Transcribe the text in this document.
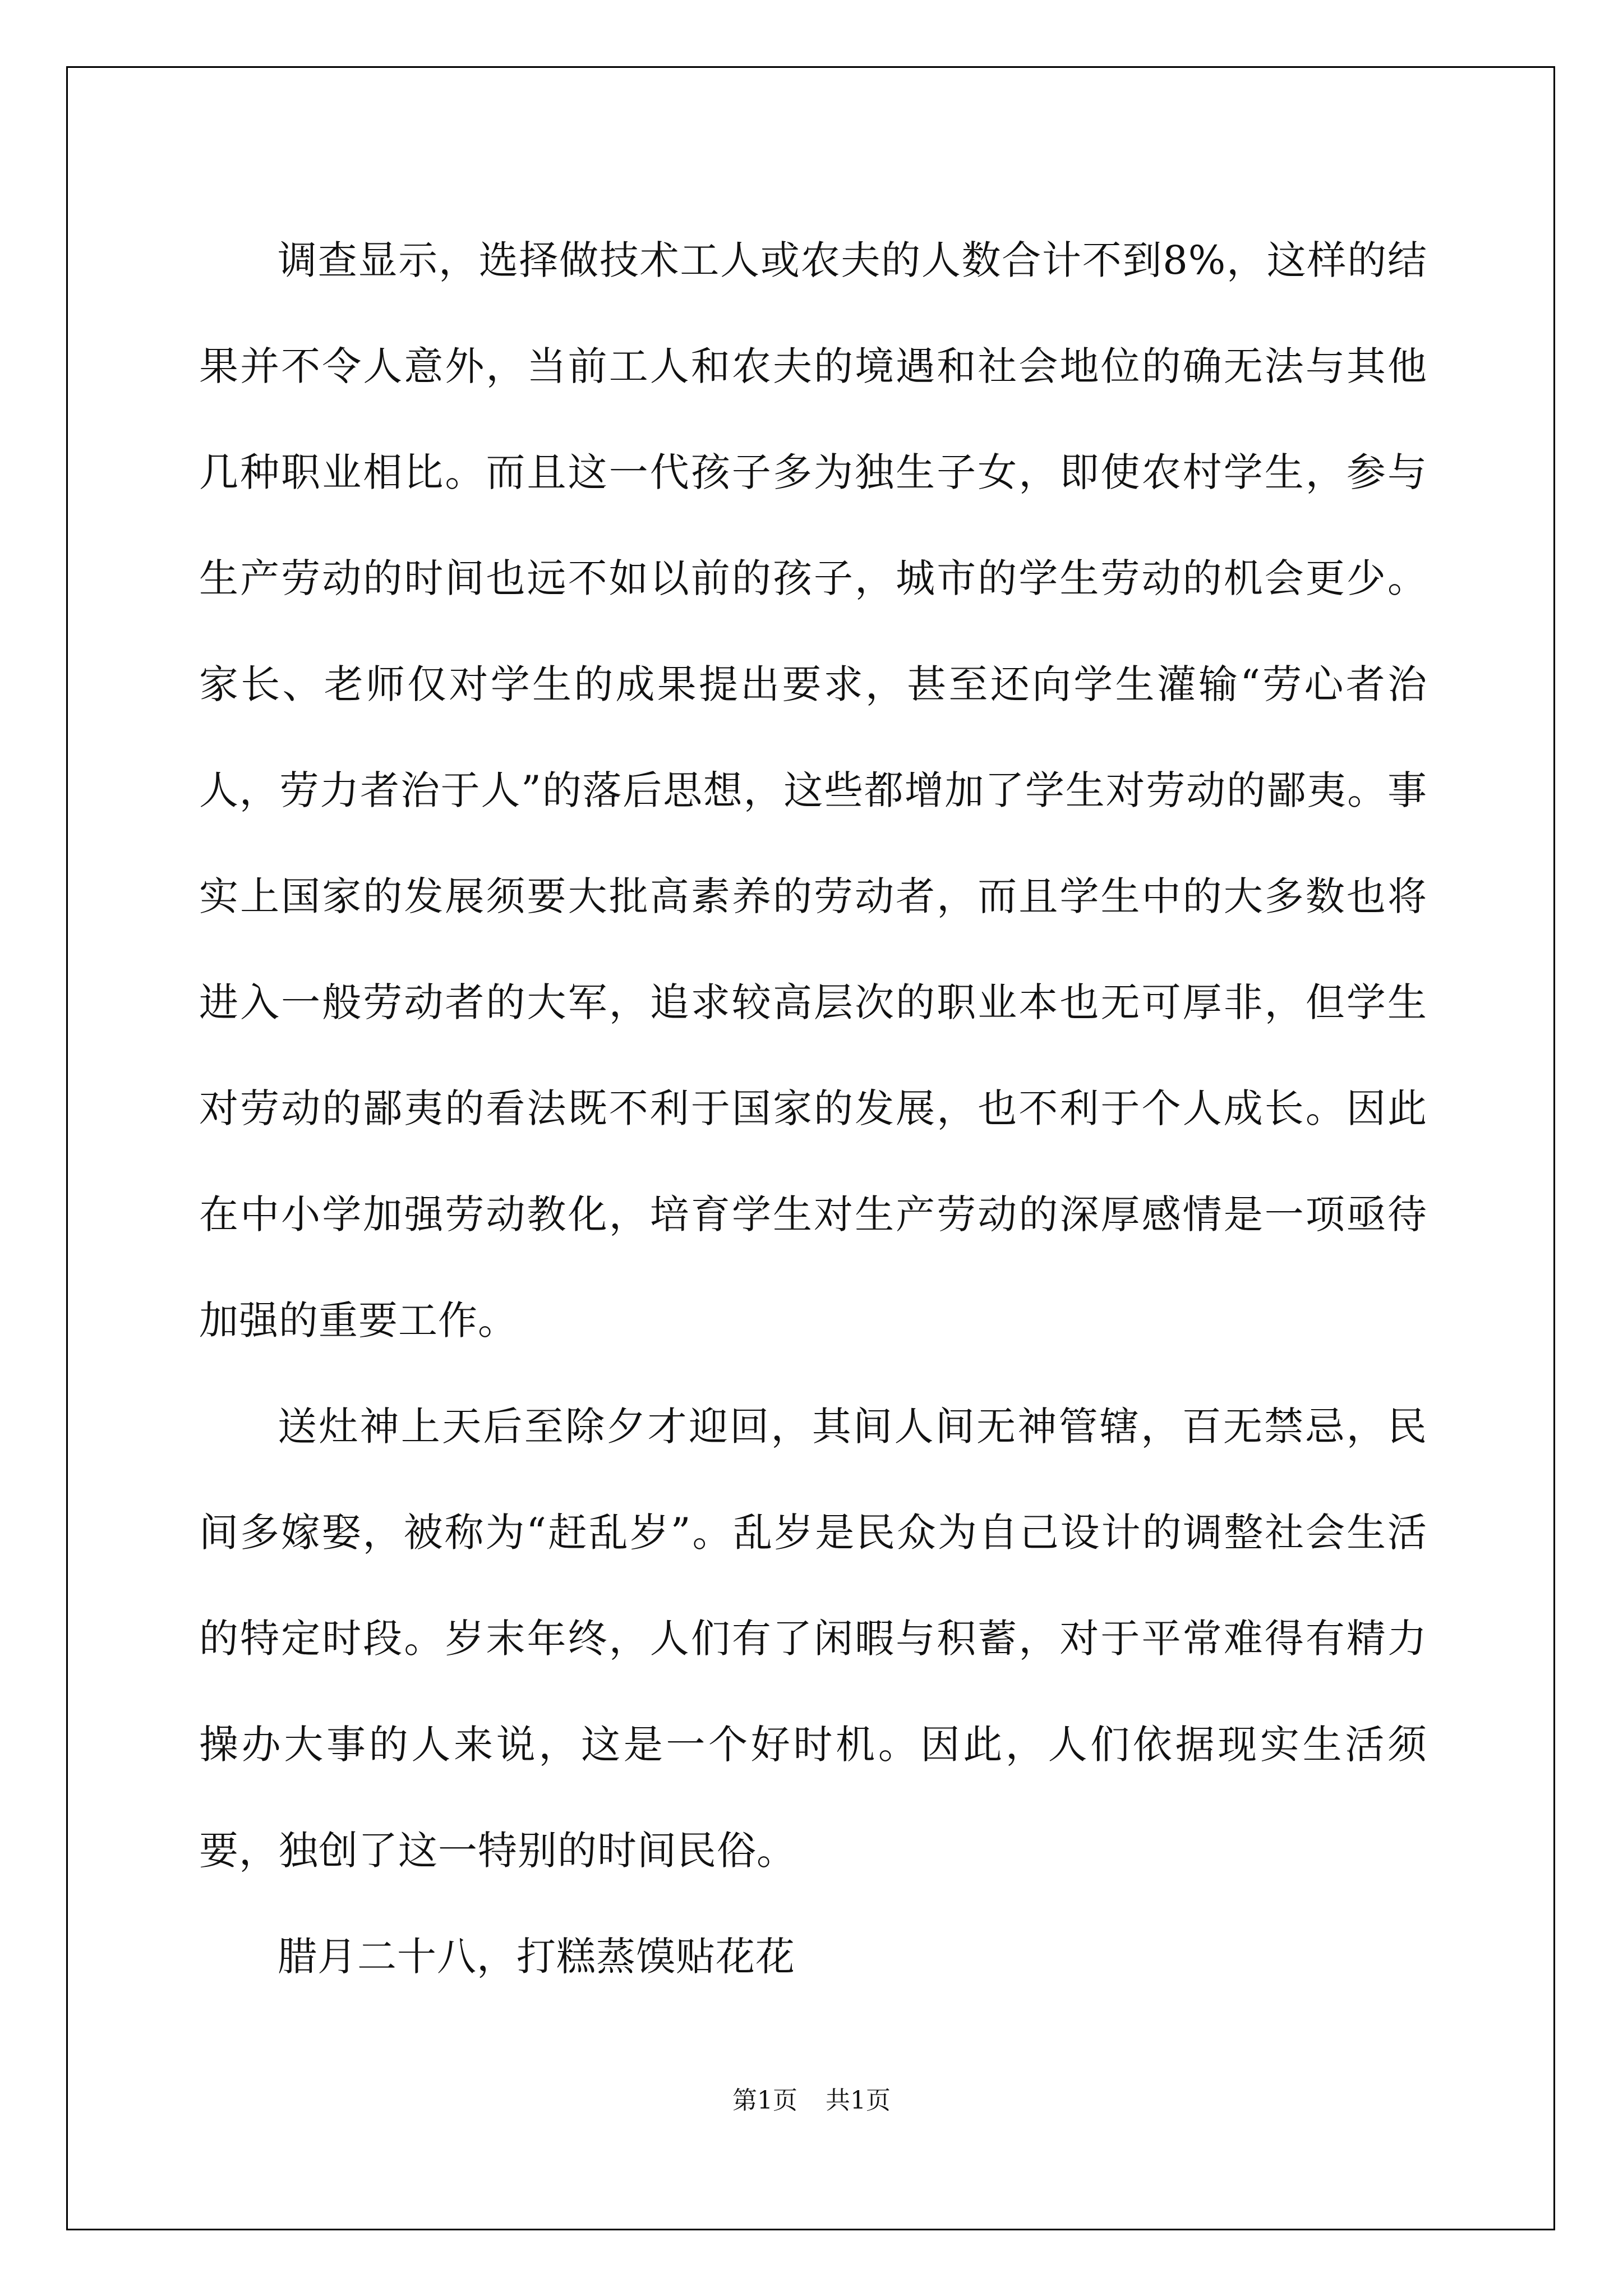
调查显示，选择做技术工人或农夫的人数合计不到8%，这样的结果并不令人意外，当前工人和农夫的境遇和社会地位的确无法与其他几种职业相比。而且这一代孩子多为独生子女，即使农村学生，参与生产劳动的时间也远不如以前的孩子，城市的学生劳动的机会更少。家长、老师仅对学生的成果提出要求，甚至还向学生灌输“劳心者治人，劳力者治于人”的落后思想，这些都增加了学生对劳动的鄙夷。事实上国家的发展须要大批高素养的劳动者，而且学生中的大多数也将进入一般劳动者的大军，追求较高层次的职业本也无可厚非，但学生对劳动的鄙夷的看法既不利于国家的发展，也不利于个人成长。因此在中小学加强劳动教化，培育学生对生产劳动的深厚感情是一项亟待加强的重要工作。

送灶神上天后至除夕才迎回，其间人间无神管辖，百无禁忌，民间多嫁娶，被称为“赶乱岁”。乱岁是民众为自己设计的调整社会生活的特定时段。岁末年终，人们有了闲暇与积蓄，对于平常难得有精力操办大事的人来说，这是一个好时机。因此，人们依据现实生活须要，独创了这一特别的时间民俗。

腊月二十八，打糕蒸馍贴花花

第1页 共1页
